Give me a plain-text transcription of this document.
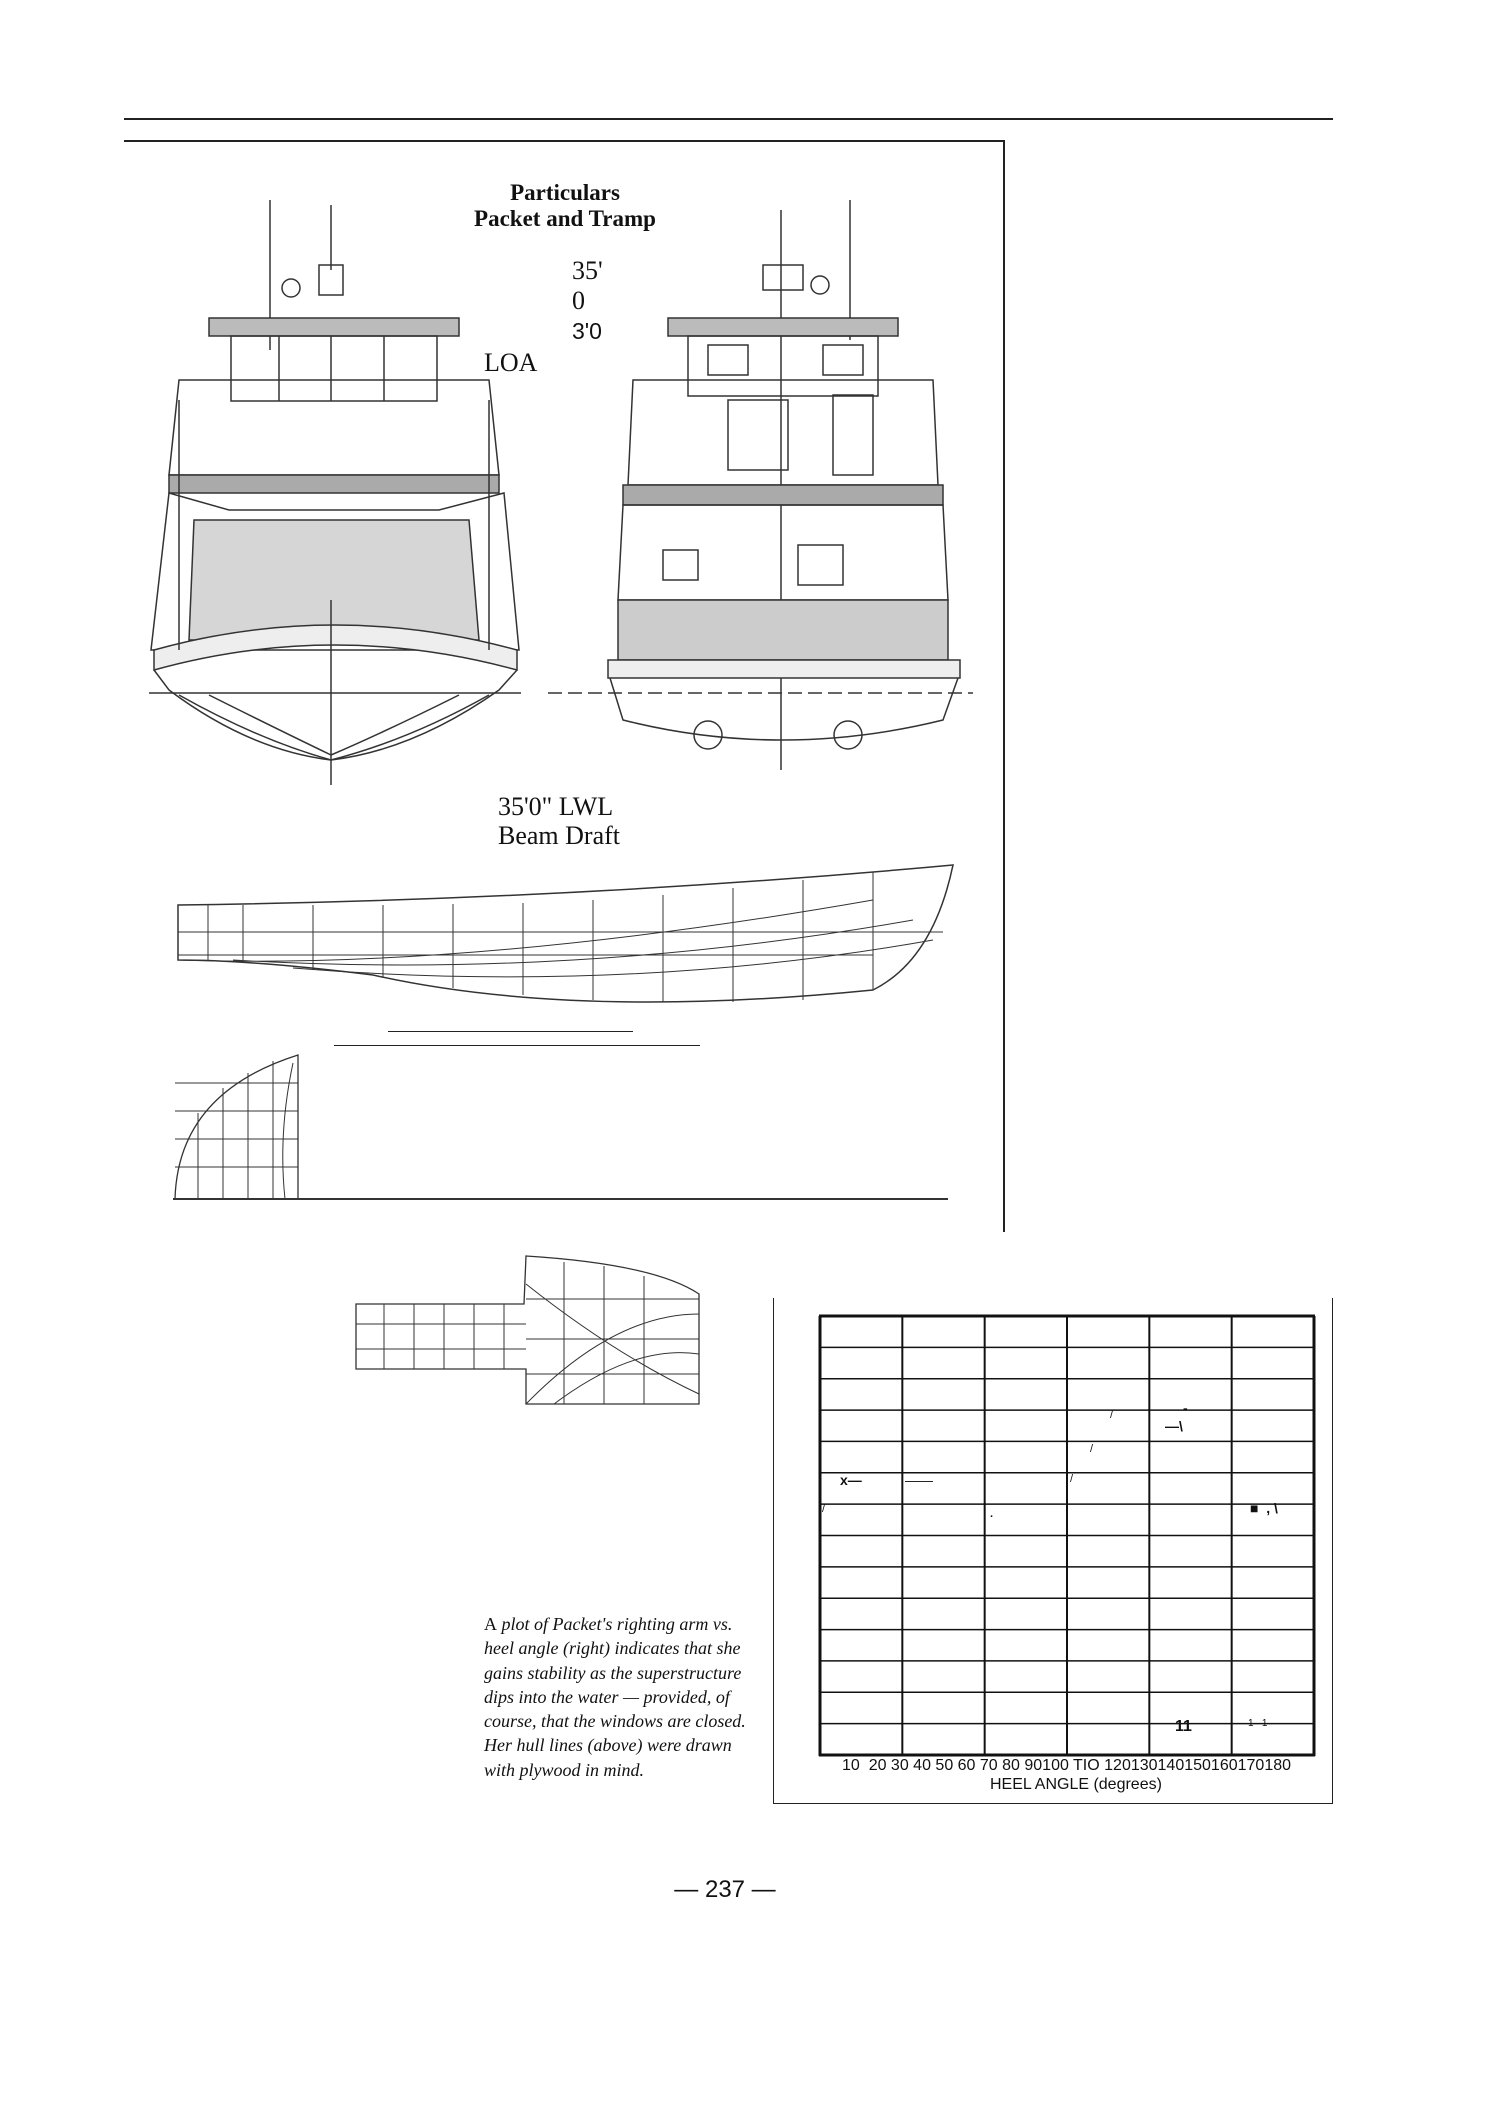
Particulars
Packet and Tramp
35'
0
3'0
LOA
35'0" LWL
Beam Draft
A plot of Packet's righting arm vs. heel angle (right) indicates that she gains stability as the superstructure dips into the water — provided, of course, that the windows are closed. Her hull lines (above) were drawn with plywood in mind.	10  20 30 40 50 60 70 80 90100 TIO 120130140150160170180
HEEL ANGLE (degrees)
x—	——
/
/
/
-
—\
/
---------
.	■  , \
11	1   1
— 237 —
